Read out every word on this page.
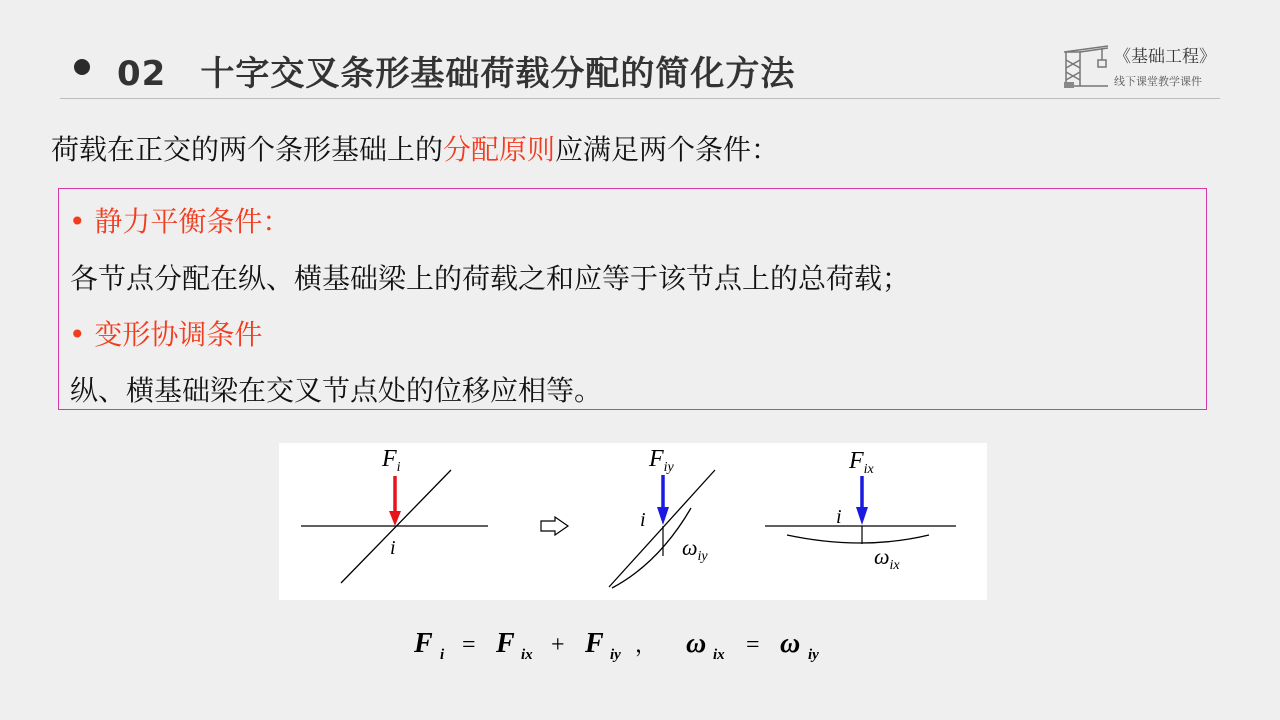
02 十字交叉条形基础荷载分配的简化方法	《基础工程》
线下课堂教学课件
荷载在正交的两个条形基础上的分配原则应满足两个条件：
• 静力平衡条件：
各节点分配在纵、横基础梁上的荷载之和应等于该节点上的总荷载；
• 变形协调条件
纵、横基础梁在交叉节点处的位移应相等。
$F_i$
i
$F_{iy}$
i
$\omega_{iy}$
$F_{ix}$
i
$\omega_{ix}$
F i = F ix + F iy ， ω ix = ω iy
